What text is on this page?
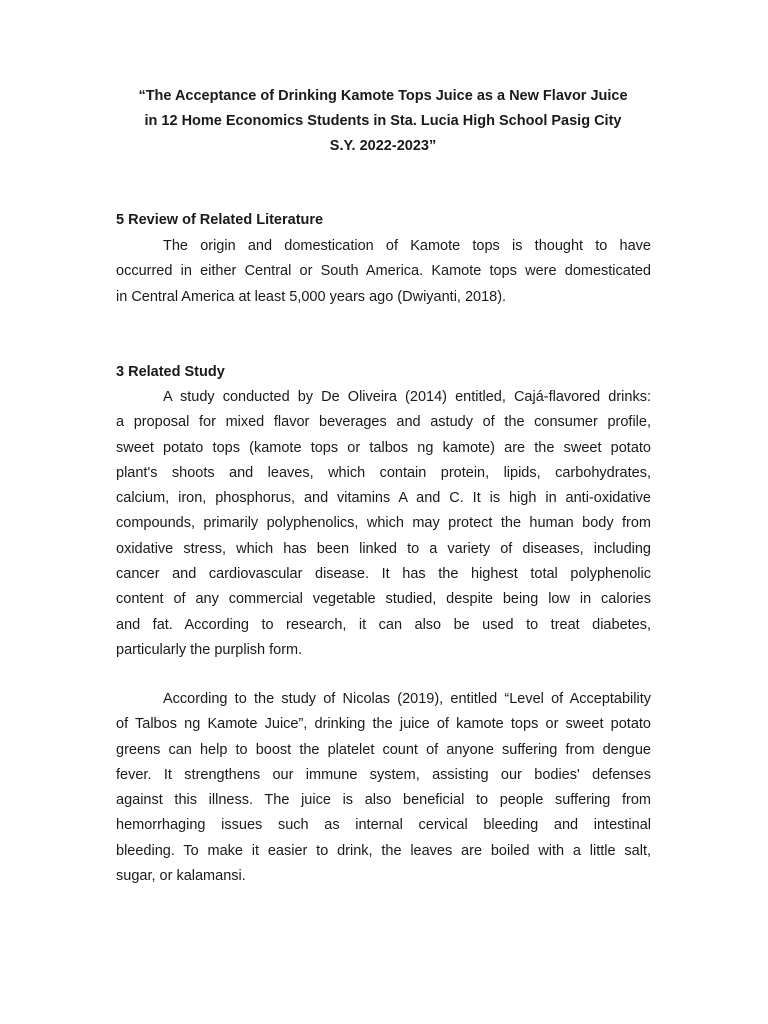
“The Acceptance of Drinking Kamote Tops Juice as a New Flavor Juice
in 12 Home Economics Students in Sta. Lucia High School Pasig City
S.Y. 2022-2023”
5 Review of Related Literature
The origin and domestication of Kamote tops is thought to have
occurred in either Central or South America. Kamote tops were domesticated
in Central America at least 5,000 years ago (Dwiyanti, 2018).
3 Related Study
A study conducted by De Oliveira (2014) entitled, Cajá-flavored drinks:
a proposal for mixed flavor beverages and astudy of the consumer profile,
sweet potato tops (kamote tops or talbos ng kamote) are the sweet potato
plant's shoots and leaves, which contain protein, lipids, carbohydrates,
calcium, iron, phosphorus, and vitamins A and C. It is high in anti-oxidative
compounds, primarily polyphenolics, which may protect the human body from
oxidative stress, which has been linked to a variety of diseases, including
cancer and cardiovascular disease. It has the highest total polyphenolic
content of any commercial vegetable studied, despite being low in calories
and fat. According to research, it can also be used to treat diabetes,
particularly the purplish form.
According to the study of Nicolas (2019), entitled “Level of Acceptability
of Talbos ng Kamote Juice”, drinking the juice of kamote tops or sweet potato
greens can help to boost the platelet count of anyone suffering from dengue
fever. It strengthens our immune system, assisting our bodies' defenses
against this illness. The juice is also beneficial to people suffering from
hemorrhaging issues such as internal cervical bleeding and intestinal
bleeding. To make it easier to drink, the leaves are boiled with a little salt,
sugar, or kalamansi.
